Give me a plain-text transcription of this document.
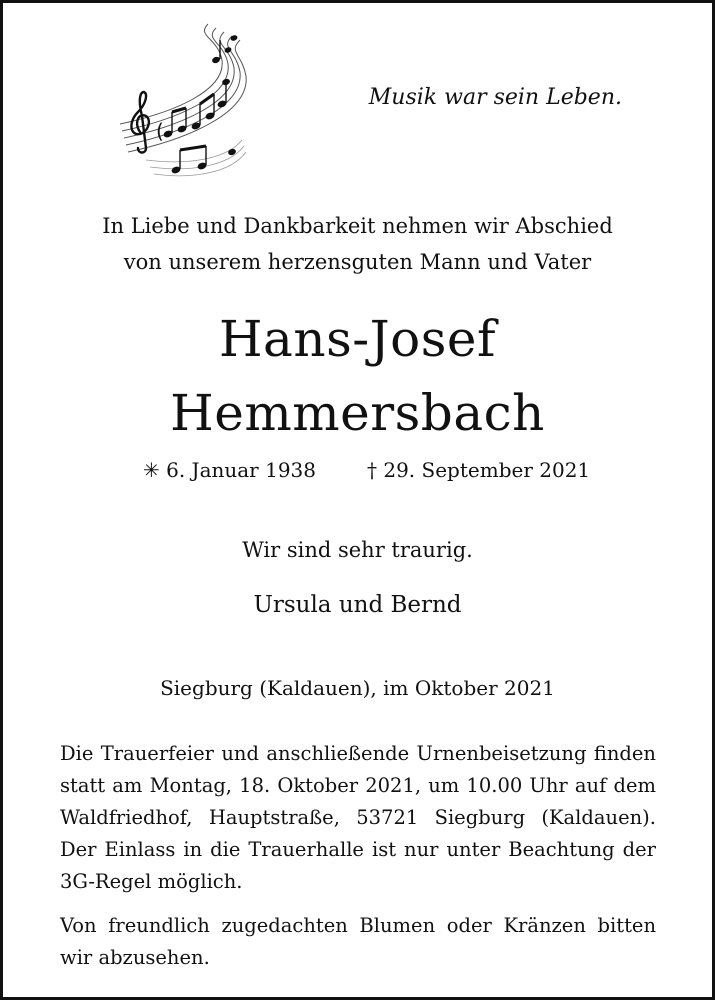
(
Musik war sein Leben.
In Liebe und Dankbarkeit nehmen wir Abschied
von unserem herzensguten Mann und Vater
Hans-Josef
Hemmersbach
✳ 6. Januar 1938	† 29. September 2021
Wir sind sehr traurig.
Ursula und Bernd
Siegburg (Kaldauen), im Oktober 2021
Die Trauerfeier und anschließende Urnenbeisetzung finden statt am Montag, 18. Oktober 2021, um 10.00 Uhr auf dem Waldfriedhof, Hauptstraße, 53721 Siegburg (Kaldauen). Der Einlass in die Trauerhalle ist nur unter Beachtung der 3G-Regel möglich.
Von freundlich zugedachten Blumen oder Kränzen bitten wir abzusehen.
